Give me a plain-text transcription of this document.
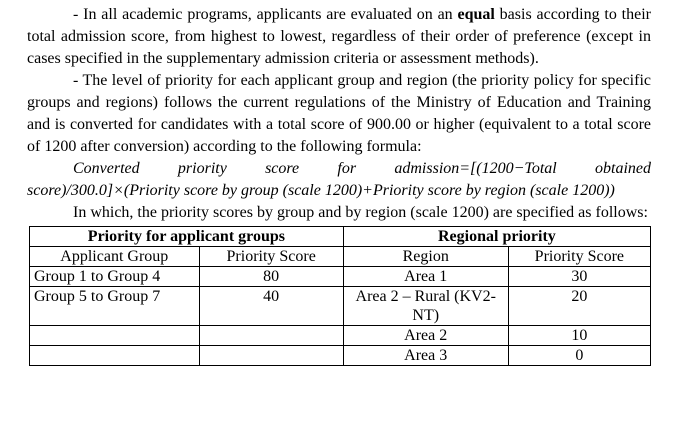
- In all academic programs, applicants are evaluated on an equal basis according to their total admission score, from highest to lowest, regardless of their order of preference (except in cases specified in the supplementary admission criteria or assessment methods).

- The level of priority for each applicant group and region (the priority policy for specific groups and regions) follows the current regulations of the Ministry of Education and Training and is converted for candidates with a total score of 900.00 or higher (equivalent to a total score of 1200 after conversion) according to the following formula:

Converted priority score for admission=[(1200−Total obtained

score)/300.0]×(Priority score by group (scale 1200)+Priority score by region (scale 1200))

In which, the priority scores by group and by region (scale 1200) are specified as follows:

Priority for applicant groups		Regional priority	
Applicant Group	Priority Score	Region	Priority Score
Group 1 to Group 4	80	Area 1	30
Group 5 to Group 7	40	Area 2 – Rural (KV2-NT)	20
		Area 2	10
		Area 3	0
